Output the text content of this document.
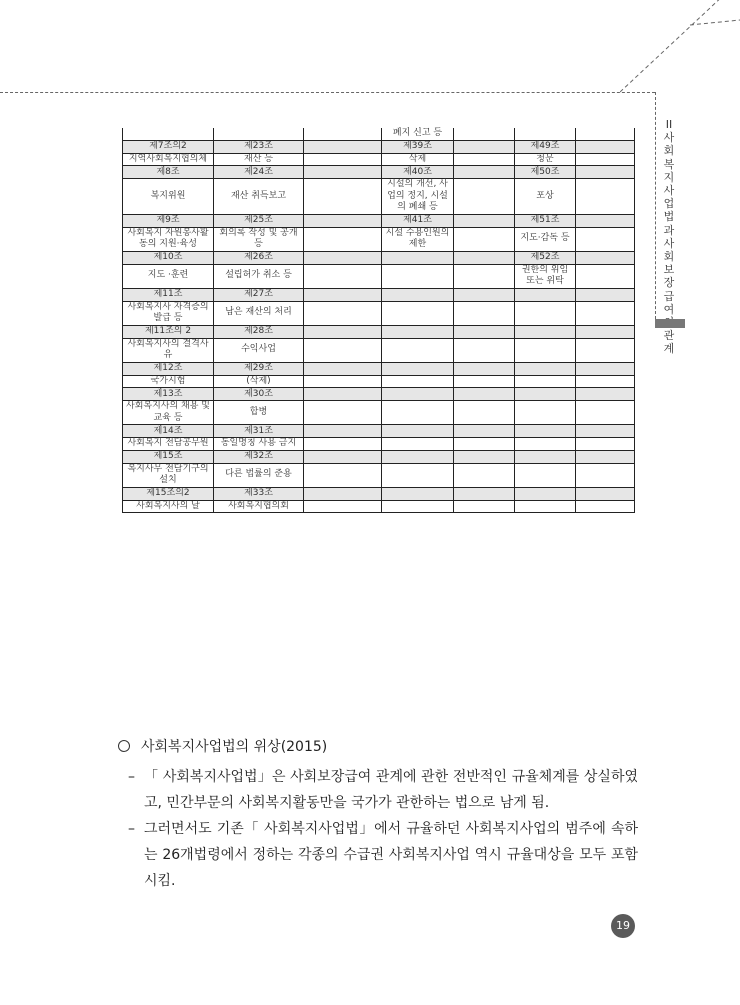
II 사회복지사업법과 사회보장급여 관계
			폐지 신고 등			
제7조의2	제23조		제39조		제49조	
지역사회복지협의체	재산 등		삭제		청문	
제8조	제24조		제40조		제50조	
복지위원	재산 취득보고		시설의 개선, 사업의 정지, 시설의 폐쇄 등		포상	
제9조	제25조		제41조		제51조	
사회복지 자원봉사활동의 지원·육성	회의록 작성 및 공개 등		시설 수용인원의 제한		지도·감독 등	
제10조	제26조				제52조	
지도 ·훈련	설립허가 취소 등				권한의 위임 또는 위탁	
제11조	제27조					
사회복지사 자격증의 발급 등	남은 재산의 처리					
제11조의 2	제28조					
사회복지사의 결격사유	수익사업					
제12조	제29조					
국가시험	(삭제)					
제13조	제30조					
사회복지사의 채용 및 교육 등	합병					
제14조	제31조					
사회복지 전담공무원	동일명칭 사용 금지					
제15조	제32조					
복지사무 전담기구의 설치	다른 법률의 준용					
제15조의2	제33조					
사회복지사의 날	사회복지협의회					
사회복지사업법의 위상(2015)
– 「 사회복지사업법」은 사회보장급여 관계에 관한 전반적인 규율체계를 상실하였고, 민간부문의 사회복지활동만을 국가가 관한하는 법으로 남게 됨.
– 그러면서도 기존「 사회복지사업법」에서 규율하던 사회복지사업의 범주에 속하는 26개법령에서 정하는 각종의 수급권 사회복지사업 역시 규율대상을 모두 포함시킴.
19
